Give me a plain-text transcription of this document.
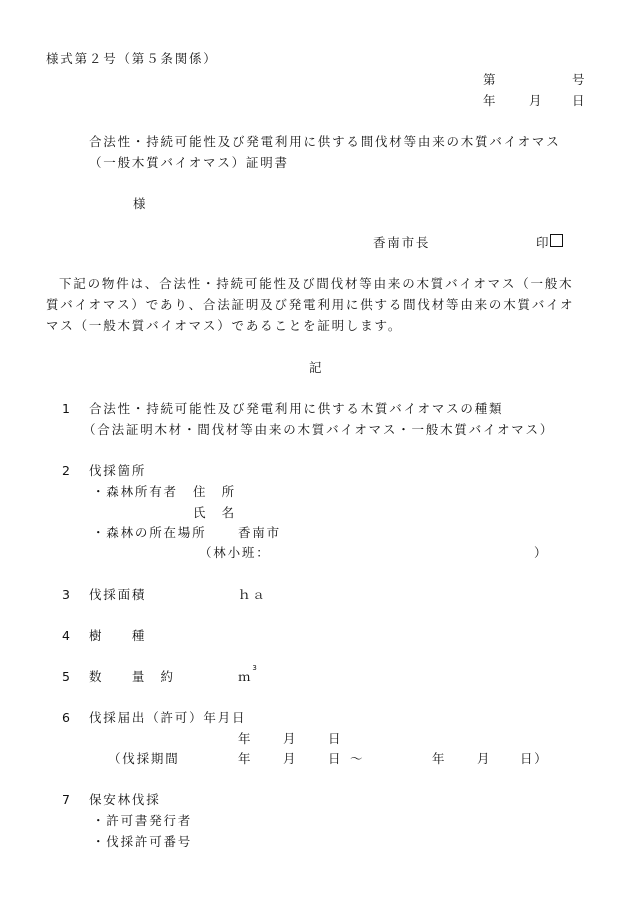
様式第２号（第５条関係）
第	号
年	月 日
合法性・持続可能性及び発電利用に供する間伐材等由来の木質バイオマス
（一般木質バイオマス）証明書
様
香南市長	印
下記の物件は、合法性・持続可能性及び間伐材等由来の木質バイオマス（一般木
質バイオマス）であり、合法証明及び発電利用に供する間伐材等由来の木質バイオ
マス（一般木質バイオマス）であることを証明します。
記
1 合法性・持続可能性及び発電利用に供する木質バイオマスの種類
（合法証明木材・間伐材等由来の木質バイオマス・一般木質バイオマス）
2 伐採箇所
・森林所有者 住　所
氏　名
・森林の所在場所	香南市
（林小班：	）
3 伐採面積	ｈａ
4 樹　　種
5 数　　量　約	ｍ$^3$
6 伐採届出（許可）年月日
年 月 日
（伐採期間	年 月 日 〜	年 月 日）
7 保安林伐採
・許可書発行者
・伐採許可番号
